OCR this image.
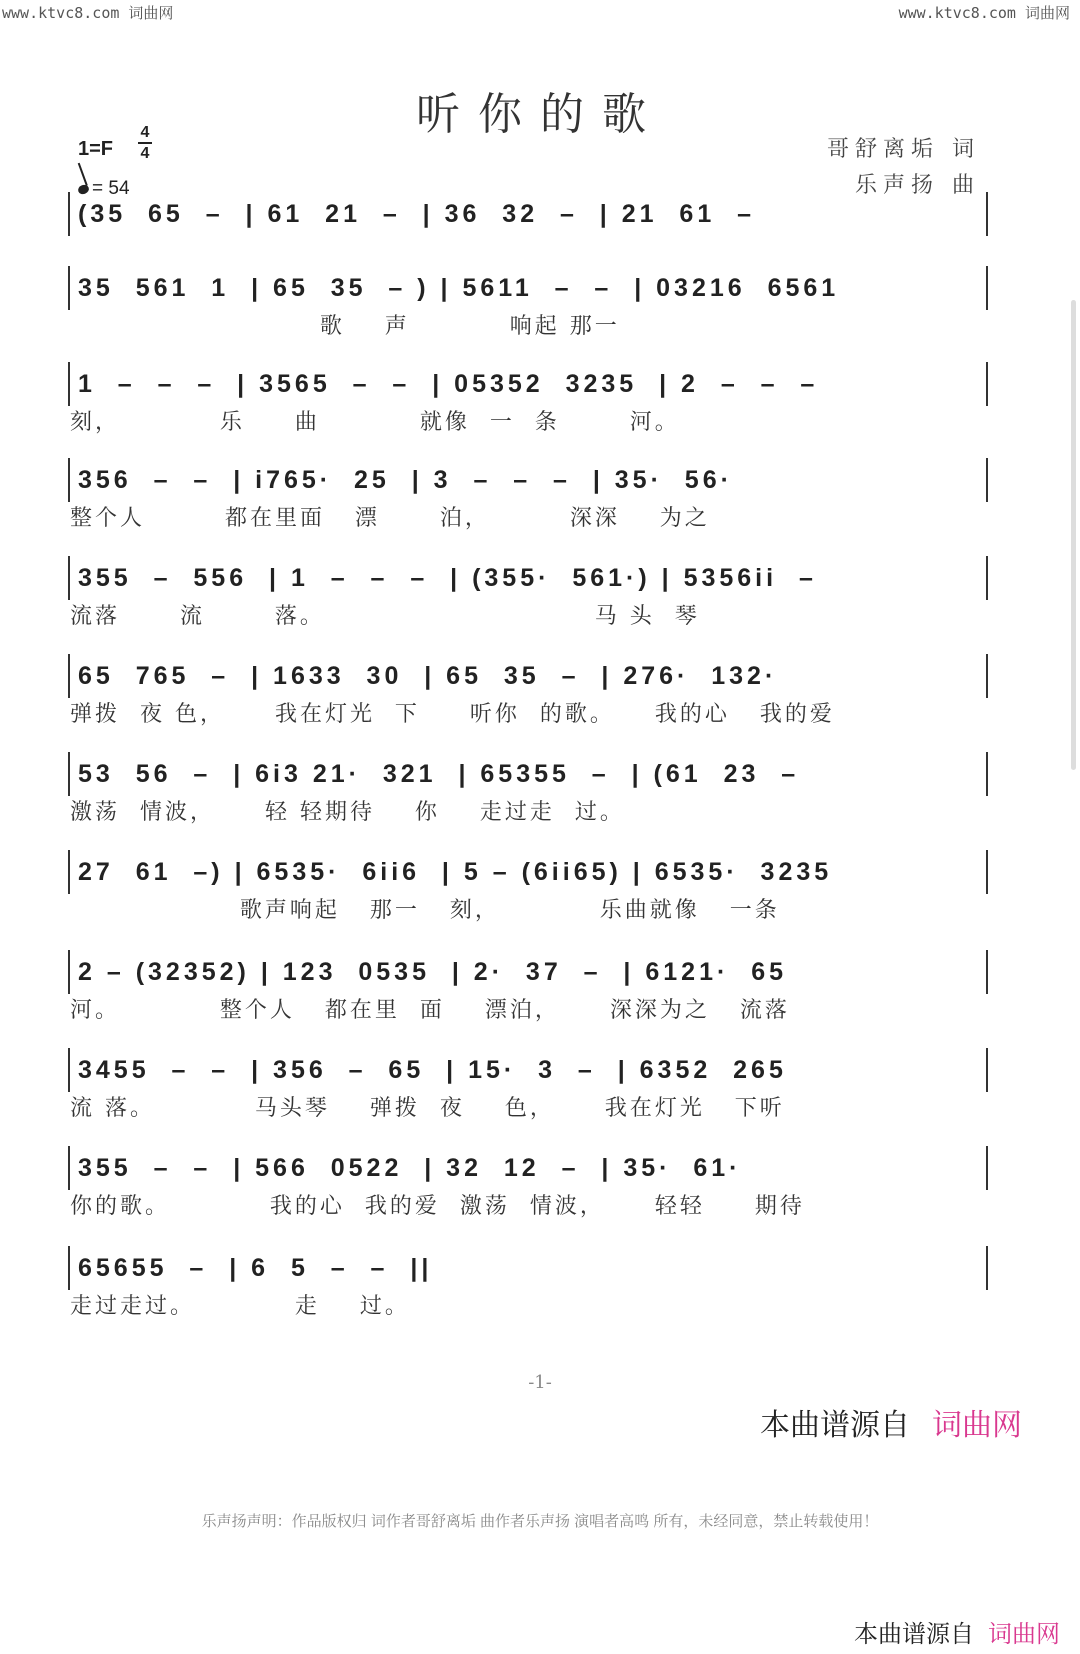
www.ktvc8.com 词曲网	www.ktvc8.com 词曲网
听你的歌
1=F
4
4
= 54
哥舒离垢 词
乐声扬 曲
(35  65  –  | 61  21  –  | 36  32  –  | 21  61  –
35  561  1  | 65  35  – ) | 5611  –  –  | 03216  6561
歌    声          响起 那一
1  –  –  –  | 3565  –  –  | 05352  3235  | 2  –  –  –
刻，          乐     曲          就像  一  条       河。
356  –  –  | i765·  25  | 3  –  –  –  | 35·  56·
整个人        都在里面   漂      泊，        深深    为之
355  –  556  | 1  –  –  –  | (355·  561·) | 5356ii  –
流落      流       落。                           马 头  琴
65  765  –  | 1633  30  | 65  35  –  | 276·  132·
弹拨  夜 色，     我在灯光  下     听你  的歌。    我的心   我的爱
53  56  –  | 6i3 21·  321  | 65355  –  | (61  23  –
激荡  情波，     轻 轻期待    你    走过走  过。
27  61  –) | 6535·  6ii6  | 5 – (6ii65) | 6535·  3235
歌声响起   那一   刻，          乐曲就像   一条
2 – (32352) | 123  0535  | 2·  37  –  | 6121·  65
河。          整个人   都在里  面    漂泊，     深深为之   流落
3455  –  –  | 356  –  65  | 15·  3  –  | 6352  265
流 落。          马头琴    弹拨  夜    色，     我在灯光   下听
355  –  –  | 566  0522  | 32  12  –  | 35·  61·
你的歌。          我的心  我的爱  激荡  情波，     轻轻     期待
65655  –  | 6  5  –  –  ||
走过走过。          走    过。
-1-
本曲谱源自 词曲网
乐声扬声明：作品版权归 词作者哥舒离垢 曲作者乐声扬 演唱者高鸣 所有，未经同意，禁止转载使用！
本曲谱源自 词曲网
